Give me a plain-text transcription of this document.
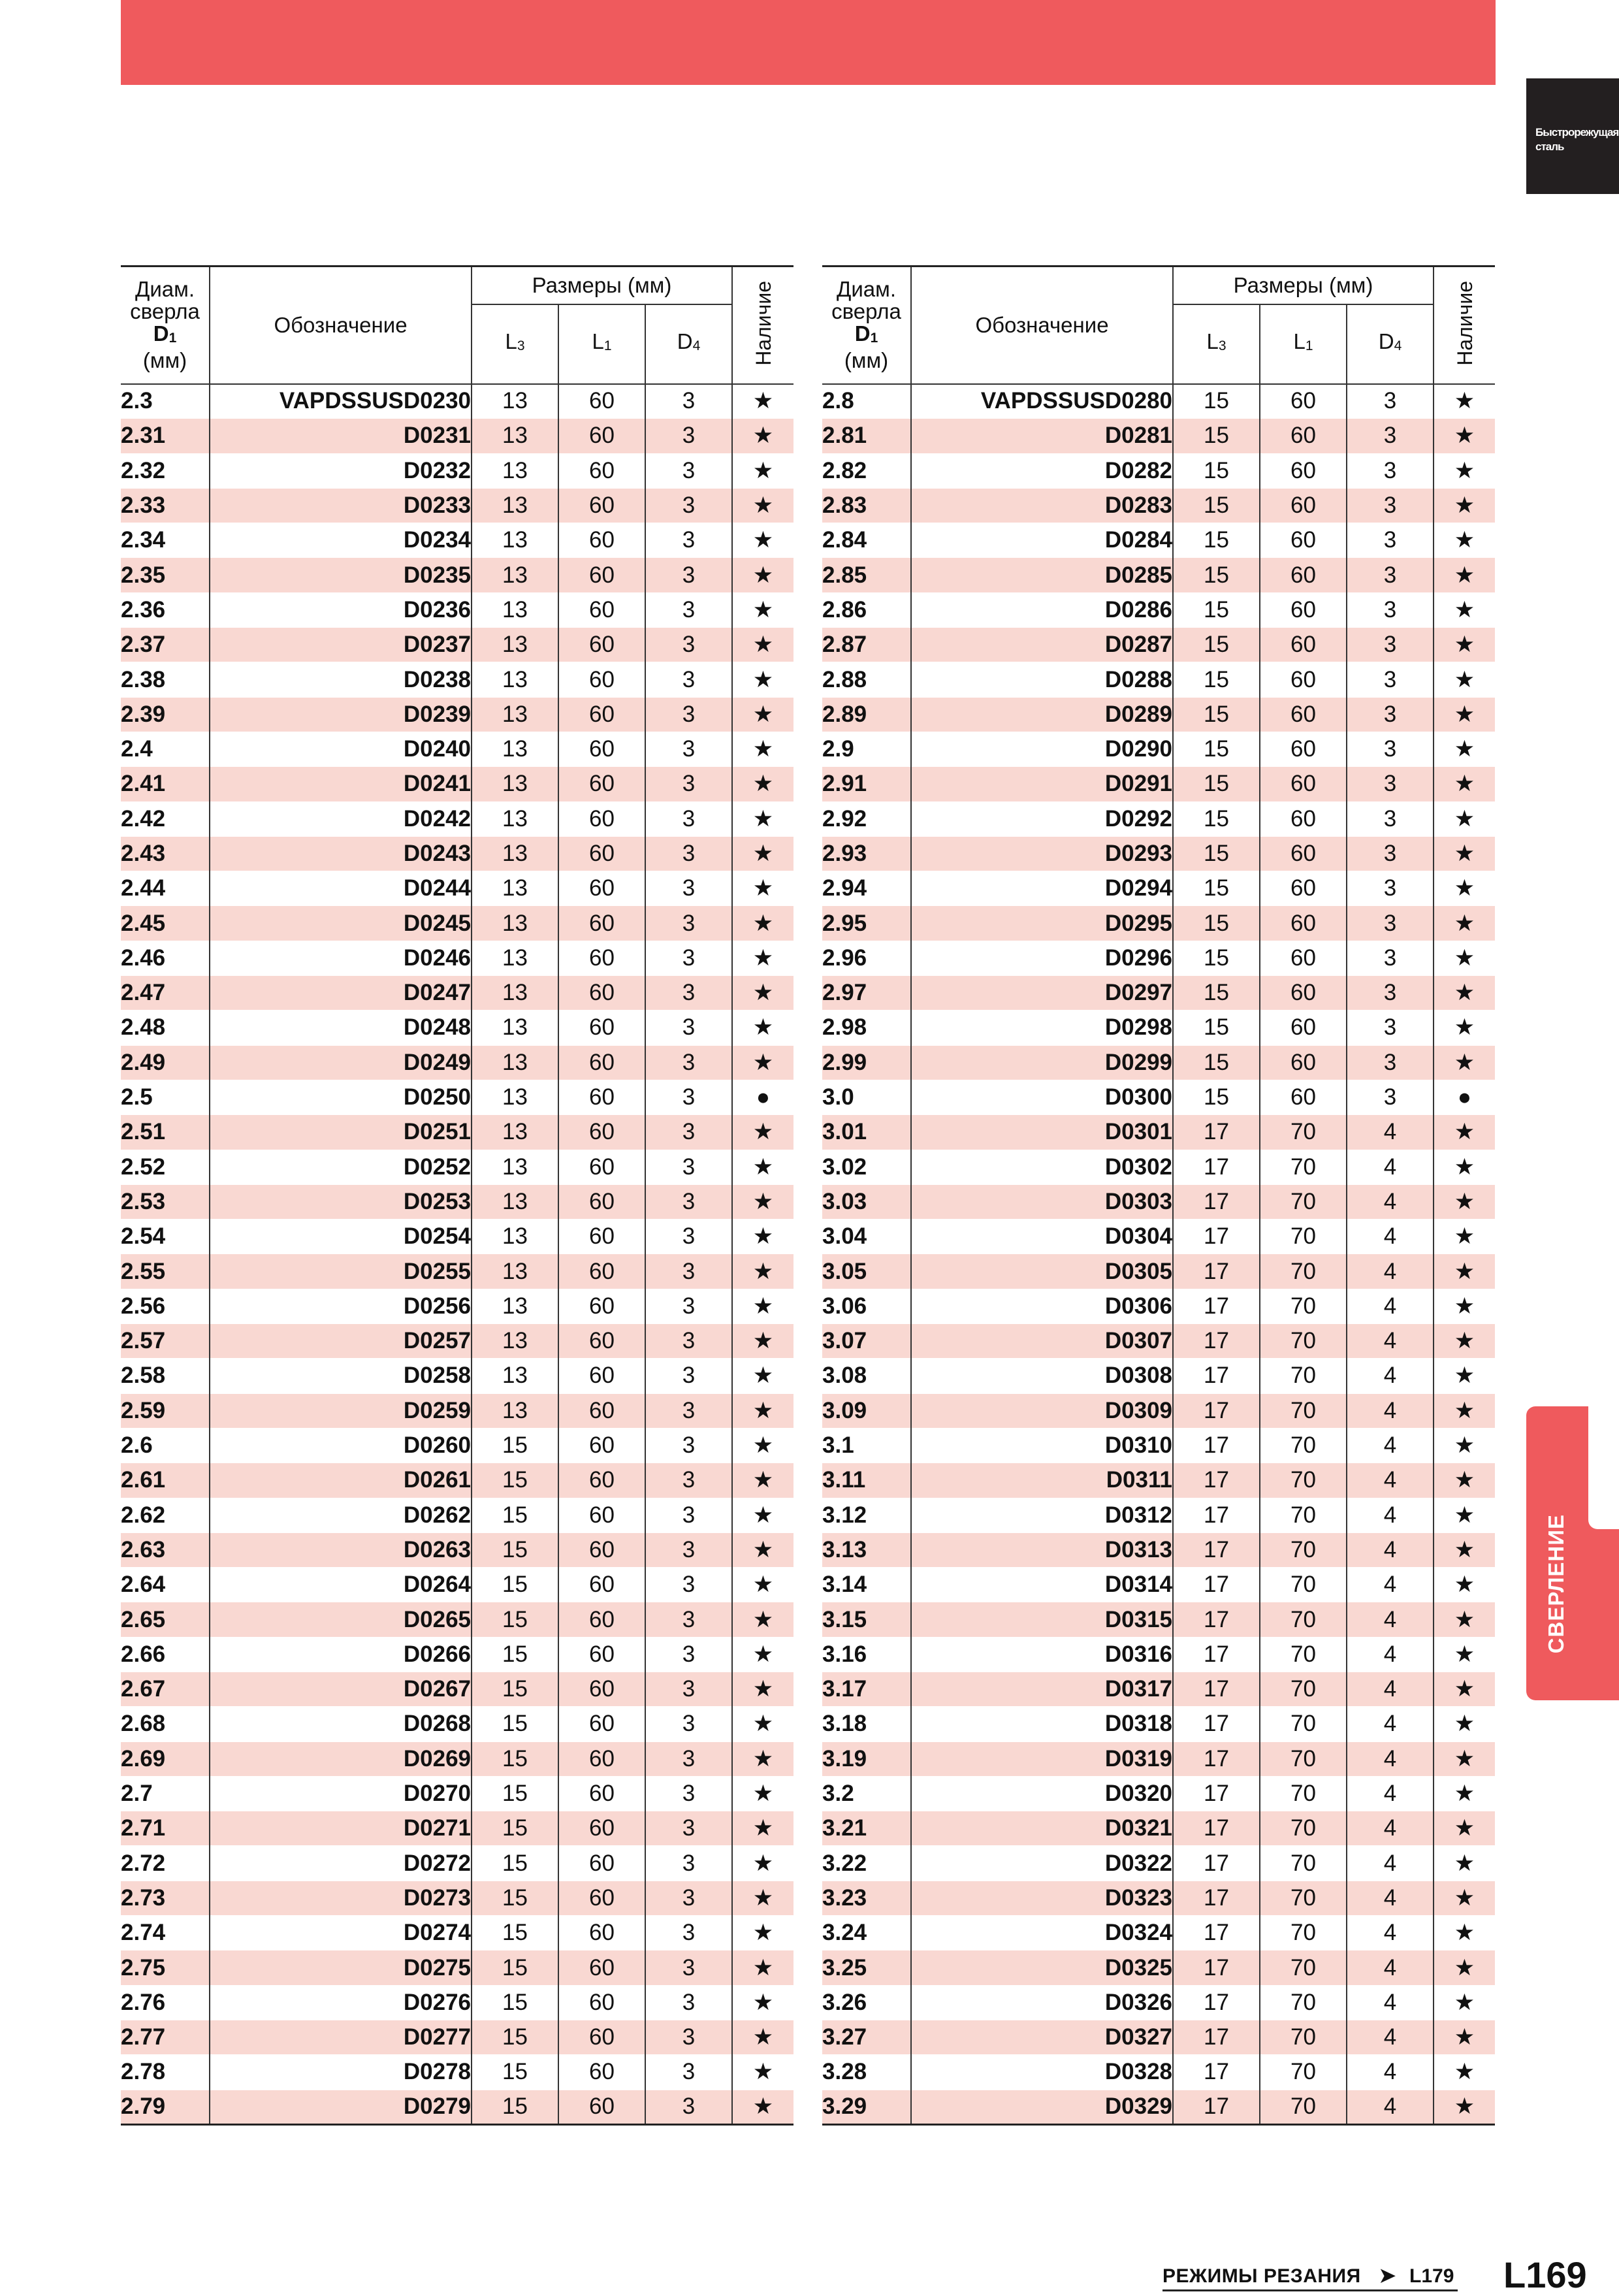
Быстрорежущая сталь
СВЕРЛЕНИЕ
Диам.
сверла
$D_1$
(мм)	Обозначение	Размеры (мм)			Наличие
		$L_3$	$L_1$	$D_4$
2.3	VAPDSSUSD0230	13	60	3	★
2.31	D0231	13	60	3	★
2.32	D0232	13	60	3	★
2.33	D0233	13	60	3	★
2.34	D0234	13	60	3	★
2.35	D0235	13	60	3	★
2.36	D0236	13	60	3	★
2.37	D0237	13	60	3	★
2.38	D0238	13	60	3	★
2.39	D0239	13	60	3	★
2.4	D0240	13	60	3	★
2.41	D0241	13	60	3	★
2.42	D0242	13	60	3	★
2.43	D0243	13	60	3	★
2.44	D0244	13	60	3	★
2.45	D0245	13	60	3	★
2.46	D0246	13	60	3	★
2.47	D0247	13	60	3	★
2.48	D0248	13	60	3	★
2.49	D0249	13	60	3	★
2.5	D0250	13	60	3	●
2.51	D0251	13	60	3	★
2.52	D0252	13	60	3	★
2.53	D0253	13	60	3	★
2.54	D0254	13	60	3	★
2.55	D0255	13	60	3	★
2.56	D0256	13	60	3	★
2.57	D0257	13	60	3	★
2.58	D0258	13	60	3	★
2.59	D0259	13	60	3	★
2.6	D0260	15	60	3	★
2.61	D0261	15	60	3	★
2.62	D0262	15	60	3	★
2.63	D0263	15	60	3	★
2.64	D0264	15	60	3	★
2.65	D0265	15	60	3	★
2.66	D0266	15	60	3	★
2.67	D0267	15	60	3	★
2.68	D0268	15	60	3	★
2.69	D0269	15	60	3	★
2.7	D0270	15	60	3	★
2.71	D0271	15	60	3	★
2.72	D0272	15	60	3	★
2.73	D0273	15	60	3	★
2.74	D0274	15	60	3	★
2.75	D0275	15	60	3	★
2.76	D0276	15	60	3	★
2.77	D0277	15	60	3	★
2.78	D0278	15	60	3	★
2.79	D0279	15	60	3	★
Диам.
сверла
$D_1$
(мм)	Обозначение	Размеры (мм)			Наличие
		$L_3$	$L_1$	$D_4$
2.8	VAPDSSUSD0280	15	60	3	★
2.81	D0281	15	60	3	★
2.82	D0282	15	60	3	★
2.83	D0283	15	60	3	★
2.84	D0284	15	60	3	★
2.85	D0285	15	60	3	★
2.86	D0286	15	60	3	★
2.87	D0287	15	60	3	★
2.88	D0288	15	60	3	★
2.89	D0289	15	60	3	★
2.9	D0290	15	60	3	★
2.91	D0291	15	60	3	★
2.92	D0292	15	60	3	★
2.93	D0293	15	60	3	★
2.94	D0294	15	60	3	★
2.95	D0295	15	60	3	★
2.96	D0296	15	60	3	★
2.97	D0297	15	60	3	★
2.98	D0298	15	60	3	★
2.99	D0299	15	60	3	★
3.0	D0300	15	60	3	●
3.01	D0301	17	70	4	★
3.02	D0302	17	70	4	★
3.03	D0303	17	70	4	★
3.04	D0304	17	70	4	★
3.05	D0305	17	70	4	★
3.06	D0306	17	70	4	★
3.07	D0307	17	70	4	★
3.08	D0308	17	70	4	★
3.09	D0309	17	70	4	★
3.1	D0310	17	70	4	★
3.11	D0311	17	70	4	★
3.12	D0312	17	70	4	★
3.13	D0313	17	70	4	★
3.14	D0314	17	70	4	★
3.15	D0315	17	70	4	★
3.16	D0316	17	70	4	★
3.17	D0317	17	70	4	★
3.18	D0318	17	70	4	★
3.19	D0319	17	70	4	★
3.2	D0320	17	70	4	★
3.21	D0321	17	70	4	★
3.22	D0322	17	70	4	★
3.23	D0323	17	70	4	★
3.24	D0324	17	70	4	★
3.25	D0325	17	70	4	★
3.26	D0326	17	70	4	★
3.27	D0327	17	70	4	★
3.28	D0328	17	70	4	★
3.29	D0329	17	70	4	★
РЕЖИМЫ РЕЗАНИЯ ➤ L179 L169
